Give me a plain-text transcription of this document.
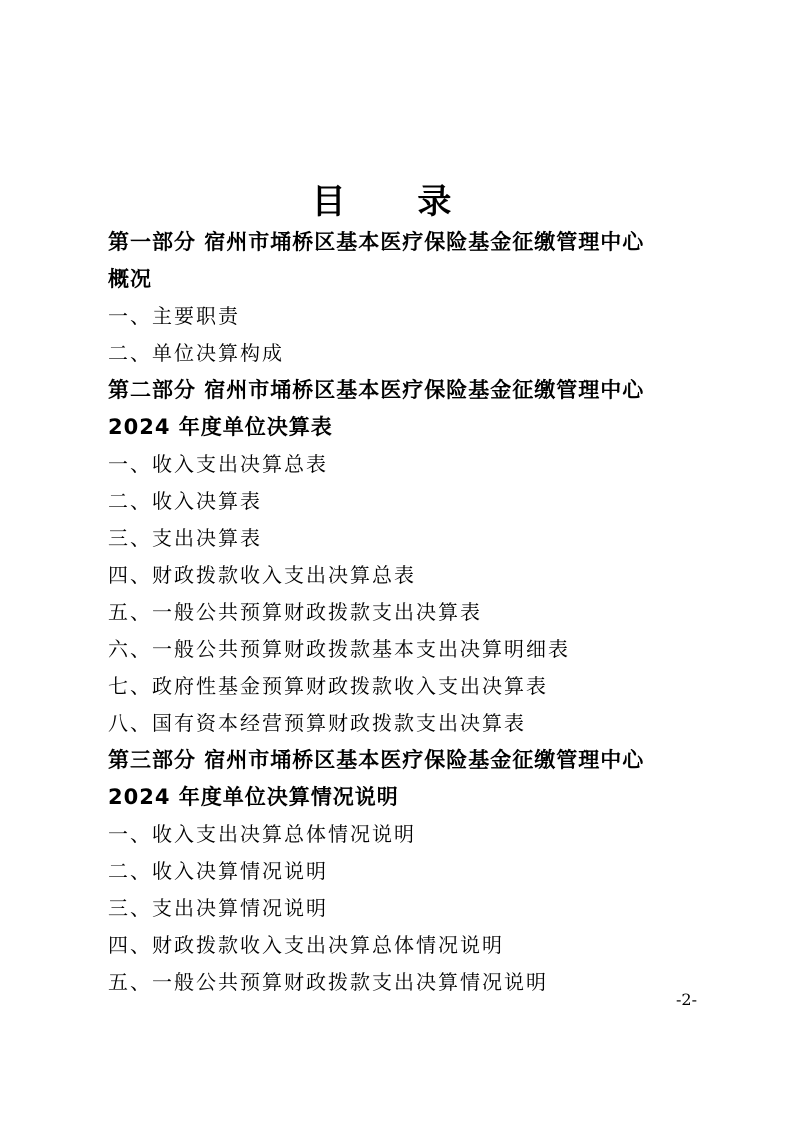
目 录
第一部分 宿州市埇桥区基本医疗保险基金征缴管理中心
概况
一、主要职责
二、单位决算构成
第二部分 宿州市埇桥区基本医疗保险基金征缴管理中心
2024 年度单位决算表
一、收入支出决算总表
二、收入决算表
三、支出决算表
四、财政拨款收入支出决算总表
五、一般公共预算财政拨款支出决算表
六、一般公共预算财政拨款基本支出决算明细表
七、政府性基金预算财政拨款收入支出决算表
八、国有资本经营预算财政拨款支出决算表
第三部分 宿州市埇桥区基本医疗保险基金征缴管理中心
2024 年度单位决算情况说明
一、收入支出决算总体情况说明
二、收入决算情况说明
三、支出决算情况说明
四、财政拨款收入支出决算总体情况说明
五、一般公共预算财政拨款支出决算情况说明
-2-
